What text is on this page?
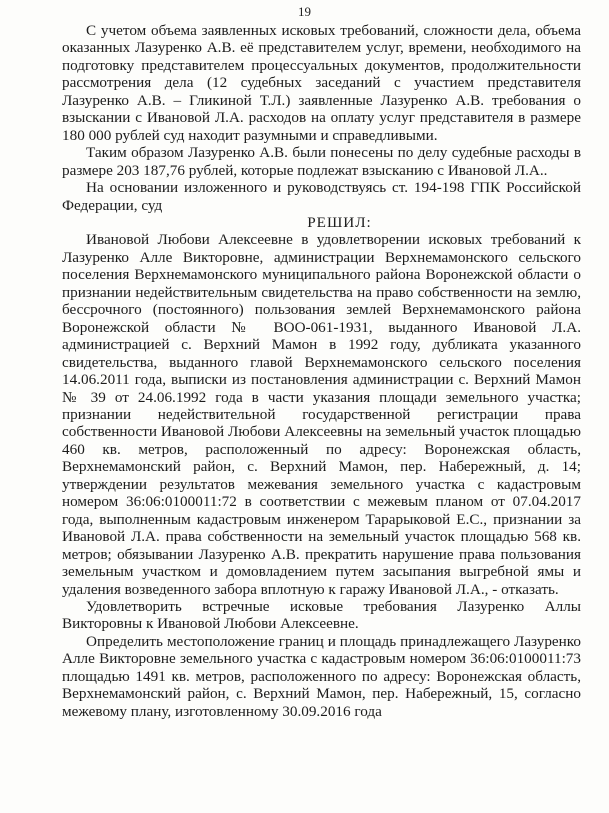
19

С учетом объема заявленных исковых требований, сложности дела, объема оказанных Лазуренко А.В. её представителем услуг, времени, необходимого на подготовку представителем процессуальных документов, продолжительности рассмотрения дела (12 судебных заседаний с участием представителя Лазуренко А.В. – Гликиной Т.Л.) заявленные Лазуренко А.В. требования о взыскании с Ивановой Л.А. расходов на оплату услуг представителя в размере 180 000 рублей суд находит разумными и справедливыми.

Таким образом Лазуренко А.В. были понесены по делу судебные расходы в размере 203 187,76 рублей, которые подлежат взысканию с Ивановой Л.А..

На основании изложенного и руководствуясь ст. 194-198 ГПК Российской Федерации, суд

РЕШИЛ:

Ивановой Любови Алексеевне в удовлетворении исковых требований к Лазуренко Алле Викторовне, администрации Верхнемамонского сельского поселения Верхнемамонского муниципального района Воронежской области о признании недействительным свидетельства на право собственности на землю, бессрочного (постоянного) пользования землей Верхнемамонского района Воронежской области № ВОО-061-1931, выданного Ивановой Л.А. администрацией с. Верхний Мамон в 1992 году, дубликата указанного свидетельства, выданного главой Верхнемамонского сельского поселения 14.06.2011 года, выписки из постановления администрации с. Верхний Мамон № 39 от 24.06.1992 года в части указания площади земельного участка; признании недействительной государственной регистрации права собственности Ивановой Любови Алексеевны на земельный участок площадью 460 кв. метров, расположенный по адресу: Воронежская область, Верхнемамонский район, с. Верхний Мамон, пер. Набережный, д. 14; утверждении результатов межевания земельного участка с кадастровым номером 36:06:0100011:72 в соответствии с межевым планом от 07.04.2017 года, выполненным кадастровым инженером Тарарыковой Е.С., признании за Ивановой Л.А. права собственности на земельный участок площадью 568 кв. метров; обязывании Лазуренко А.В. прекратить нарушение права пользования земельным участком и домовладением путем засыпания выгребной ямы и удаления возведенного забора вплотную к гаражу Ивановой Л.А., - отказать.

Удовлетворить встречные исковые требования Лазуренко Аллы Викторовны к Ивановой Любови Алексеевне.

Определить местоположение границ и площадь принадлежащего Лазуренко Алле Викторовне земельного участка с кадастровым номером 36:06:0100011:73 площадью 1491 кв. метров, расположенного по адресу: Воронежская область, Верхнемамонский район, с. Верхний Мамон, пер. Набережный, 15, согласно межевому плану, изготовленному 30.09.2016 года
